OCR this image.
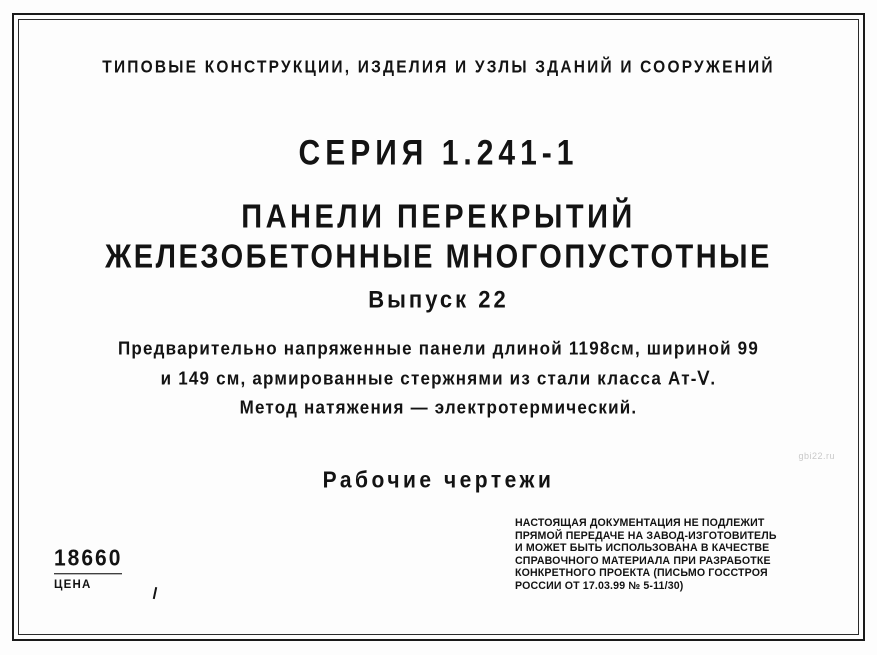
ТИПОВЫЕ КОНСТРУКЦИИ, ИЗДЕЛИЯ И УЗЛЫ ЗДАНИЙ И СООРУЖЕНИЙ
СЕРИЯ 1.241-1
ПАНЕЛИ ПЕРЕКРЫТИЙ
ЖЕЛЕЗОБЕТОННЫЕ МНОГОПУСТОТНЫЕ
Выпуск 22
Предварительно напряженные панели длиной 1198см, шириной 99
и 149 см, армированные стержнями из стали класса Ат-Ⅴ.
Метод натяжения — электротермический.
Рабочие чертежи
gbi22.ru
18660
ЦЕНА
НАСТОЯЩАЯ ДОКУМЕНТАЦИЯ НЕ ПОДЛЕЖИТ
ПРЯМОЙ ПЕРЕДАЧЕ НА ЗАВОД-ИЗГОТОВИТЕЛЬ
И МОЖЕТ БЫТЬ ИСПОЛЬЗОВАНА В КАЧЕСТВЕ
СПРАВОЧНОГО МАТЕРИАЛА ПРИ РАЗРАБОТКЕ
КОНКРЕТНОГО ПРОЕКТА (ПИСЬМО ГОССТРОЯ
РОССИИ ОТ 17.03.99 № 5-11/30)
